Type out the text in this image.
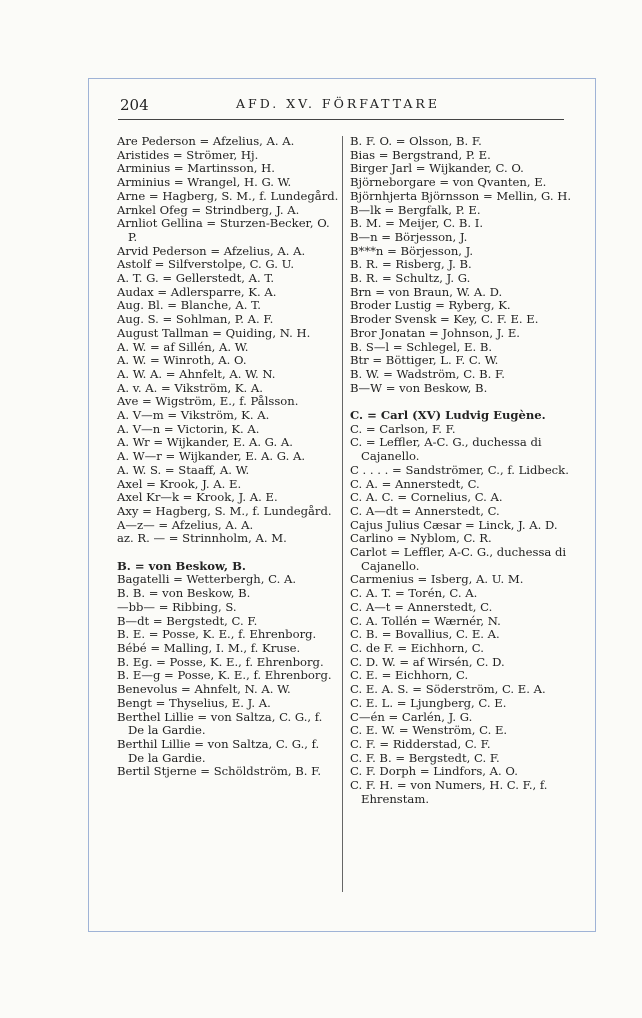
204	AFD. XV. FÖRFATTARE
Are Pederson = Afzelius, A. A.
Aristides = Strömer, Hj.
Arminius = Martinsson, H.
Arminius = Wrangel, H. G. W.
Arne = Hagberg, S. M., f. Lundegård.
Arnkel Ofeg = Strindberg, J. A.
Arnliot Gellina = Sturzen-Becker, O. P.
Arvid Pederson = Afzelius, A. A.
Astolf = Silfverstolpe, C. G. U.
A. T. G. = Gellerstedt, A. T.
Audax = Adlersparre, K. A.
Aug. Bl. = Blanche, A. T.
Aug. S. = Sohlman, P. A. F.
August Tallman = Quiding, N. H.
A. W. = af Sillén, A. W.
A. W. = Winroth, A. O.
A. W. A. = Ahnfelt, A. W. N.
A. v. A. = Vikström, K. A.
Ave = Wigström, E., f. Pålsson.
A. V—m = Vikström, K. A.
A. V—n = Victorin, K. A.
A. Wr = Wijkander, E. A. G. A.
A. W—r = Wijkander, E. A. G. A.
A. W. S. = Staaff, A. W.
Axel = Krook, J. A. E.
Axel Kr—k = Krook, J. A. E.
Axy = Hagberg, S. M., f. Lundegård.
A—z— = Afzelius, A. A.
az. R. — = Strinnholm, A. M.
B. = von Beskow, B.
Bagatelli = Wetterbergh, C. A.
B. B. = von Beskow, B.
—bb— = Ribbing, S.
B—dt = Bergstedt, C. F.
B. E. = Posse, K. E., f. Ehrenborg.
Bébé = Malling, I. M., f. Kruse.
B. Eg. = Posse, K. E., f. Ehrenborg.
B. E—g = Posse, K. E., f. Ehrenborg.
Benevolus = Ahnfelt, N. A. W.
Bengt = Thyselius, E. J. A.
Berthel Lillie = von Saltza, C. G., f. De la Gardie.
Berthil Lillie = von Saltza, C. G., f. De la Gardie.
Bertil Stjerne = Schöldström, B. F.
B. F. O. = Olsson, B. F.
Bias = Bergstrand, P. E.
Birger Jarl = Wijkander, C. O.
Björneborgare = von Qvanten, E.
Björnhjerta Björnsson = Mellin, G. H.
B—lk = Bergfalk, P. E.
B. M. = Meijer, C. B. I.
B—n = Börjesson, J.
B***n = Börjesson, J.
B. R. = Risberg, J. B.
B. R. = Schultz, J. G.
Brn = von Braun, W. A. D.
Broder Lustig = Ryberg, K.
Broder Svensk = Key, C. F. E. E.
Bror Jonatan = Johnson, J. E.
B. S—l = Schlegel, E. B.
Btr = Böttiger, L. F. C. W.
B. W. = Wadström, C. B. F.
B—W = von Beskow, B.
C. = Carl (XV) Ludvig Eugène.
C. = Carlson, F. F.
C. = Leffler, A-C. G., duchessa di Cajanello.
C . . . . = Sandströmer, C., f. Lidbeck.
C. A. = Annerstedt, C.
C. A. C. = Cornelius, C. A.
C. A—dt = Annerstedt, C.
Cajus Julius Cæsar = Linck, J. A. D.
Carlino = Nyblom, C. R.
Carlot = Leffler, A-C. G., duchessa di Cajanello.
Carmenius = Isberg, A. U. M.
C. A. T. = Torén, C. A.
C. A—t = Annerstedt, C.
C. A. Tollén = Wærnér, N.
C. B. = Bovallius, C. E. A.
C. de F. = Eichhorn, C.
C. D. W. = af Wirsén, C. D.
C. E. = Eichhorn, C.
C. E. A. S. = Söderström, C. E. A.
C. E. L. = Ljungberg, C. E.
C—én = Carlén, J. G.
C. E. W. = Wenström, C. E.
C. F. = Ridderstad, C. F.
C. F. B. = Bergstedt, C. F.
C. F. Dorph = Lindfors, A. O.
C. F. H. = von Numers, H. C. F., f. Ehrenstam.
